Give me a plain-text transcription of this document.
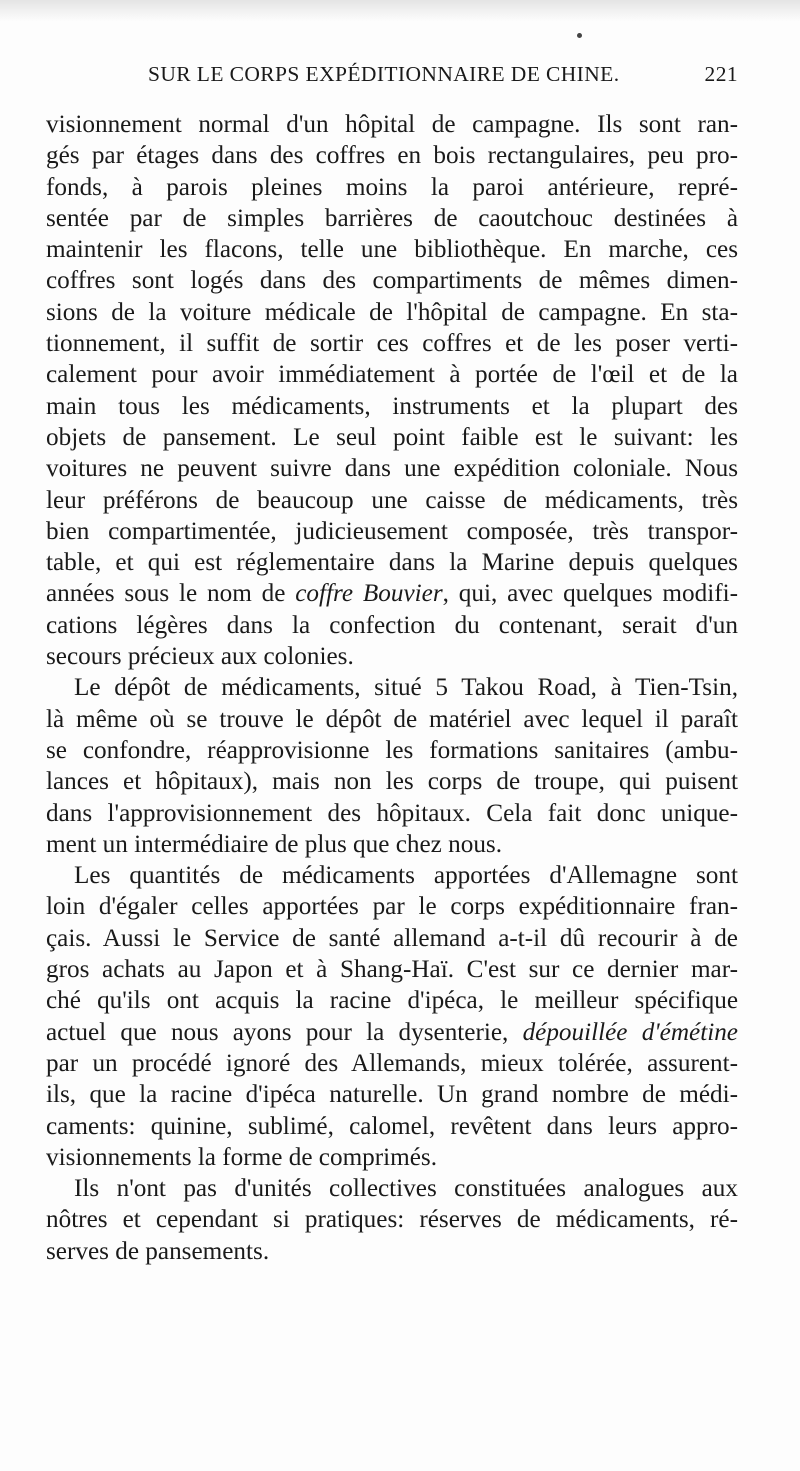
SUR LE CORPS EXPÉDITIONNAIRE DE CHINE.	221
visionnement normal d'un hôpital de campagne. Ils sont ran-
gés par étages dans des coffres en bois rectangulaires, peu pro-
fonds, à parois pleines moins la paroi antérieure, repré-
sentée par de simples barrières de caoutchouc destinées à
maintenir les flacons, telle une bibliothèque. En marche, ces
coffres sont logés dans des compartiments de mêmes dimen-
sions de la voiture médicale de l'hôpital de campagne. En sta-
tionnement, il suffit de sortir ces coffres et de les poser verti-
calement pour avoir immédiatement à portée de l'œil et de la
main tous les médicaments, instruments et la plupart des
objets de pansement. Le seul point faible est le suivant: les
voitures ne peuvent suivre dans une expédition coloniale. Nous
leur préférons de beaucoup une caisse de médicaments, très
bien compartimentée, judicieusement composée, très transpor-
table, et qui est réglementaire dans la Marine depuis quelques
années sous le nom de coffre Bouvier, qui, avec quelques modifi-
cations légères dans la confection du contenant, serait d'un
secours précieux aux colonies.
Le dépôt de médicaments, situé 5 Takou Road, à Tien-Tsin,
là même où se trouve le dépôt de matériel avec lequel il paraît
se confondre, réapprovisionne les formations sanitaires (ambu-
lances et hôpitaux), mais non les corps de troupe, qui puisent
dans l'approvisionnement des hôpitaux. Cela fait donc unique-
ment un intermédiaire de plus que chez nous.
Les quantités de médicaments apportées d'Allemagne sont
loin d'égaler celles apportées par le corps expéditionnaire fran-
çais. Aussi le Service de santé allemand a-t-il dû recourir à de
gros achats au Japon et à Shang-Haï. C'est sur ce dernier mar-
ché qu'ils ont acquis la racine d'ipéca, le meilleur spécifique
actuel que nous ayons pour la dysenterie, dépouillée d'émétine
par un procédé ignoré des Allemands, mieux tolérée, assurent-
ils, que la racine d'ipéca naturelle. Un grand nombre de médi-
caments: quinine, sublimé, calomel, revêtent dans leurs appro-
visionnements la forme de comprimés.
Ils n'ont pas d'unités collectives constituées analogues aux
nôtres et cependant si pratiques: réserves de médicaments, ré-
serves de pansements.
